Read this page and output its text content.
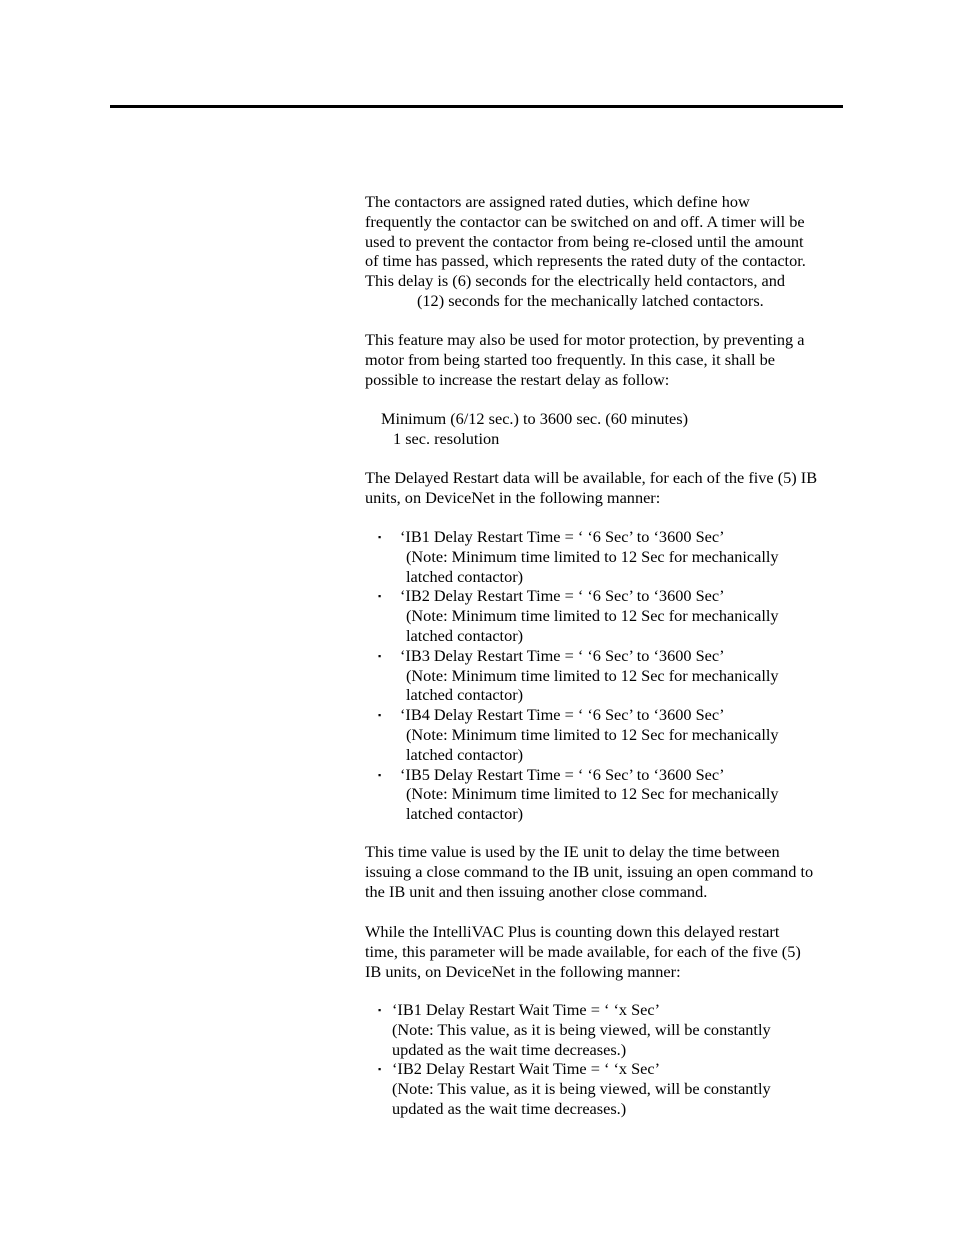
The contactors are assigned rated duties, which define how
frequently the contactor can be switched on and off. A timer will be
used to prevent the contactor from being re-closed until the amount
of time has passed, which represents the rated duty of the contactor.
This delay is (6) seconds for the electrically held contactors, and
(12) seconds for the mechanically latched contactors.
This feature may also be used for motor protection, by preventing a
motor from being started too frequently. In this case, it shall be
possible to increase the restart delay as follow:
Minimum (6/12 sec.) to 3600 sec. (60 minutes)
1 sec. resolution
The Delayed Restart data will be available, for each of the five (5) IB
units, on DeviceNet in the following manner:
▪	‘IB1 Delay Restart Time = ‘ ‘6 Sec’ to ‘3600 Sec’
(Note: Minimum time limited to 12 Sec for mechanically
latched contactor)
▪	‘IB2 Delay Restart Time = ‘ ‘6 Sec’ to ‘3600 Sec’
(Note: Minimum time limited to 12 Sec for mechanically
latched contactor)
▪	‘IB3 Delay Restart Time = ‘ ‘6 Sec’ to ‘3600 Sec’
(Note: Minimum time limited to 12 Sec for mechanically
latched contactor)
▪	‘IB4 Delay Restart Time = ‘ ‘6 Sec’ to ‘3600 Sec’
(Note: Minimum time limited to 12 Sec for mechanically
latched contactor)
▪	‘IB5 Delay Restart Time = ‘ ‘6 Sec’ to ‘3600 Sec’
(Note: Minimum time limited to 12 Sec for mechanically
latched contactor)
This time value is used by the IE unit to delay the time between
issuing a close command to the IB unit, issuing an open command to
the IB unit and then issuing another close command.
While the IntelliVAC Plus is counting down this delayed restart
time, this parameter will be made available, for each of the five (5)
IB units, on DeviceNet in the following manner:
▪ ‘IB1 Delay Restart Wait Time = ‘ ‘x Sec’
(Note: This value, as it is being viewed, will be constantly
updated as the wait time decreases.)
▪ ‘IB2 Delay Restart Wait Time = ‘ ‘x Sec’
(Note: This value, as it is being viewed, will be constantly
updated as the wait time decreases.)
